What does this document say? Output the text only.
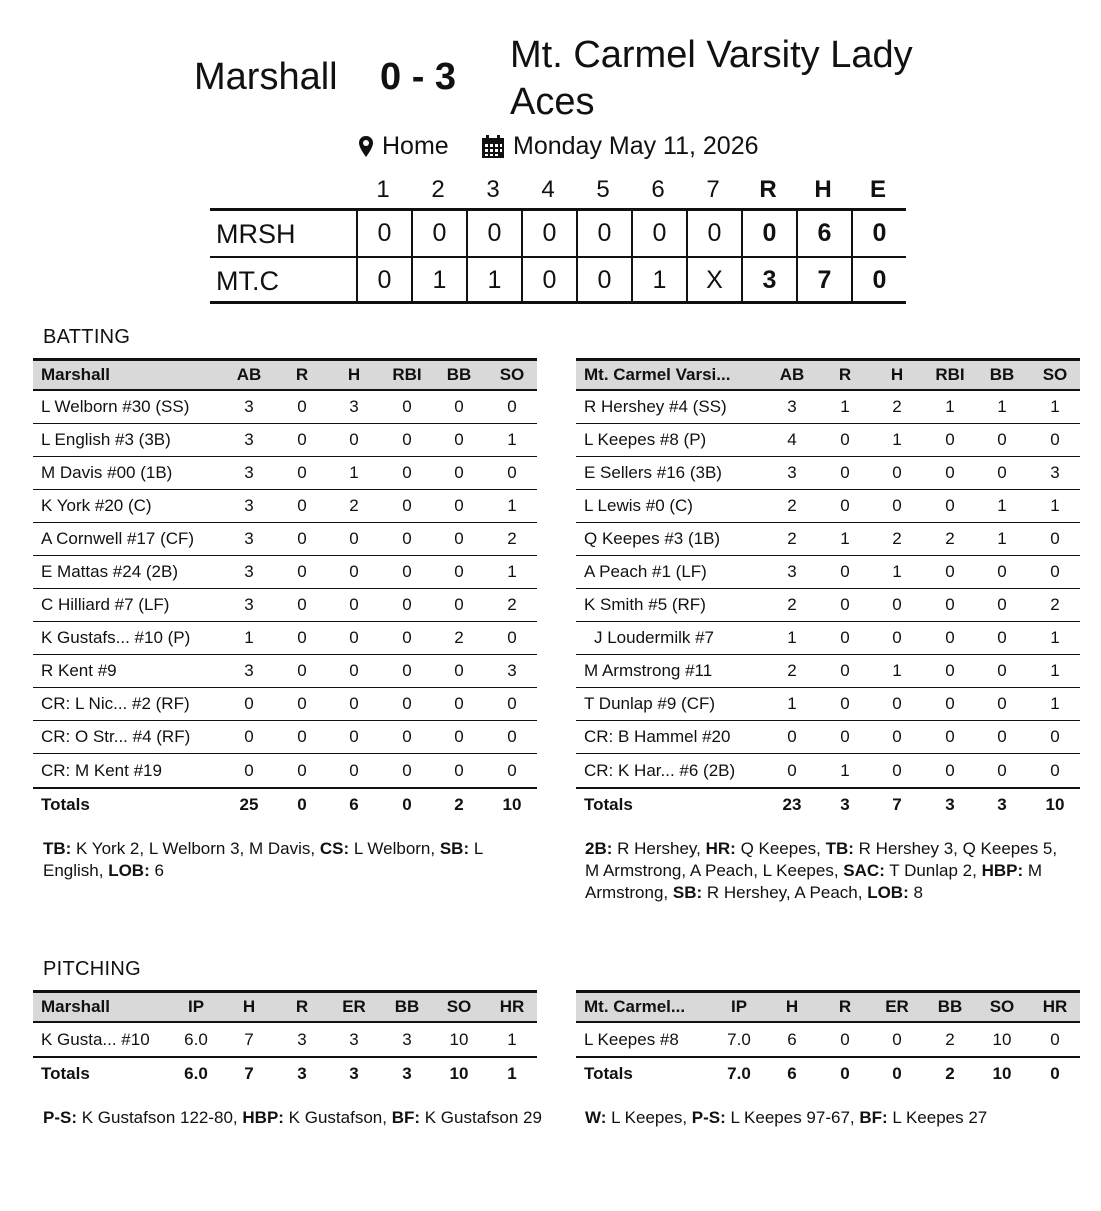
Marshall 0 - 3
Mt. Carmel Varsity Lady Aces
Home	Monday May 11, 2026
1	2	3	4	5	6	7	R	H	E
MRSH	0	0	0	0	0	0	0	0	6	0
MT.C	0	1	1	0	0	1	X	3	7	0
BATTING
Marshall	AB R H RBI BB SO
L Welborn #30 (SS)	3	0	3	0	0	0
L English #3 (3B)	3	0	0	0	0	1
M Davis #00 (1B)	3	0	1	0	0	0
K York #20 (C)	3	0	2	0	0	1
A Cornwell #17 (CF)	3	0	0	0	0	2
E Mattas #24 (2B)	3	0	0	0	0	1
C Hilliard #7 (LF)	3	0	0	0	0	2
K Gustafs... #10 (P)	1	0	0	0	2	0
R Kent #9	3	0	0	0	0	3
CR: L Nic... #2 (RF)	0	0	0	0	0	0
CR: O Str... #4 (RF)	0	0	0	0	0	0
CR: M Kent #19	0	0	0	0	0	0
Totals	25 0	6	0	2 10
Mt. Carmel Varsi...	AB R H RBI BB SO
R Hershey #4 (SS)	3	1	2	1	1	1
L Keepes #8 (P)	4	0	1	0	0	0
E Sellers #16 (3B)	3	0	0	0	0	3
L Lewis #0 (C)	2	0	0	0	1	1
Q Keepes #3 (1B)	2	1	2	2	1	0
A Peach #1 (LF)	3	0	1	0	0	0
K Smith #5 (RF)	2	0	0	0	0	2
J Loudermilk #7	1	0	0	0	0	1
M Armstrong #11	2	0	1	0	0	1
T Dunlap #9 (CF)	1	0	0	0	0	1
CR: B Hammel #20	0	0	0	0	0	0
CR: K Har... #6 (2B)	0	1	0	0	0	0
Totals	23 3	7	3	3 10
TB: K York 2, L Welborn 3, M Davis, CS: L Welborn, SB: L English, LOB: 6
2B: R Hershey, HR: Q Keepes, TB: R Hershey 3, Q Keepes 5, M Armstrong, A Peach, L Keepes, SAC: T Dunlap 2, HBP: M Armstrong, SB: R Hershey, A Peach, LOB: 8
PITCHING
Marshall	IP H R ER BB SO HR
K Gusta... #10 6.0 7	3	3	3 10 1
Totals	6.0 7	3	3	3 10 1
Mt. Carmel...	IP H R ER BB SO HR
L Keepes #8	7.0 6	0	0	2 10 0
Totals	7.0 6	0	0	2 10 0
P-S: K Gustafson 122-80, HBP: K Gustafson, BF: K Gustafson 29	W: L Keepes, P-S: L Keepes 97-67, BF: L Keepes 27
